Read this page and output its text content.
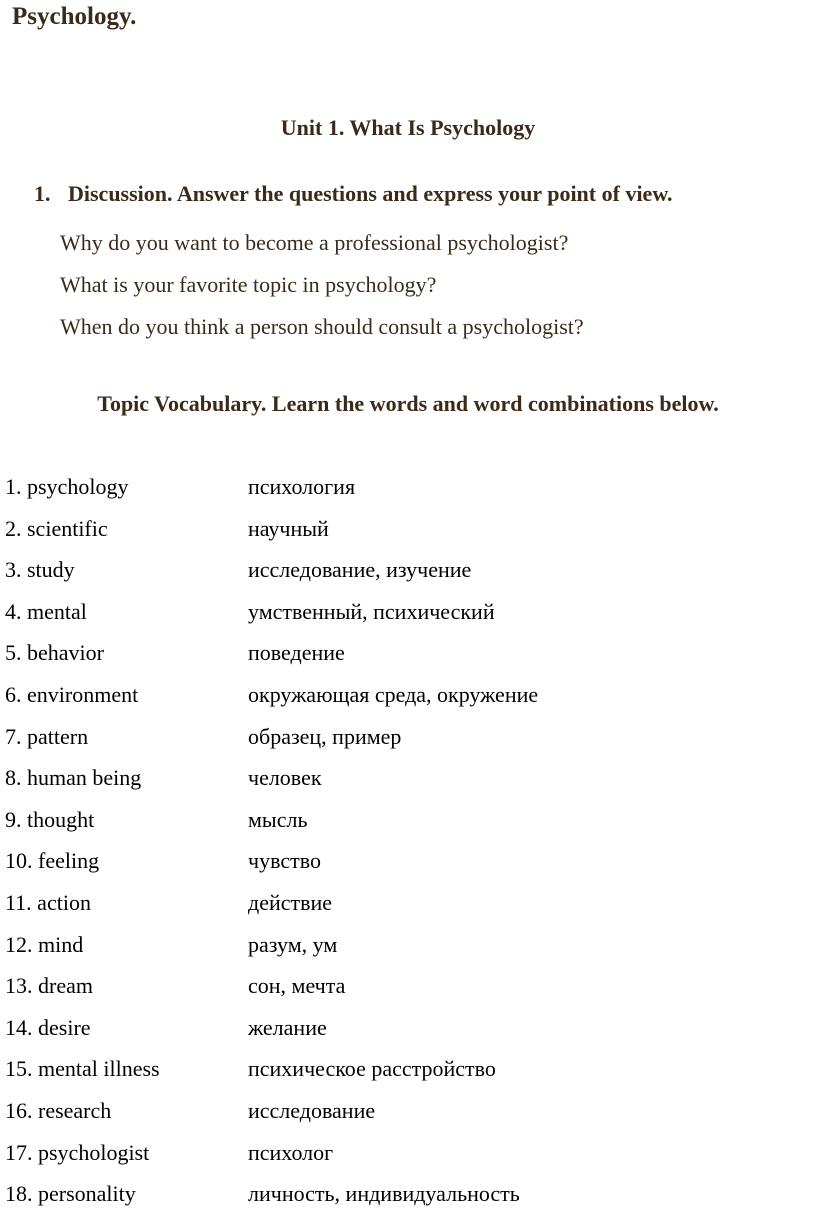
Psychology.
Unit 1. What Is Psychology
1. Discussion. Answer the questions and express your point of view.
Why do you want to become a professional psychologist?
What is your favorite topic in psychology?
When do you think a person should consult a psychologist?
Topic Vocabulary. Learn the words and word combinations below.
1. psychology	психология
2. scientific	научный
3. study	исследование, изучение
4. mental	умственный, психический
5. behavior	поведение
6. environment	окружающая среда, окружение
7. pattern	образец, пример
8. human being	человек
9. thought	мысль
10. feeling	чувство
11. action	действие
12. mind	разум, ум
13. dream	сон, мечта
14. desire	желание
15. mental illness	психическое расстройство
16. research	исследование
17. psychologist	психолог
18. personality	личность, индивидуальность
